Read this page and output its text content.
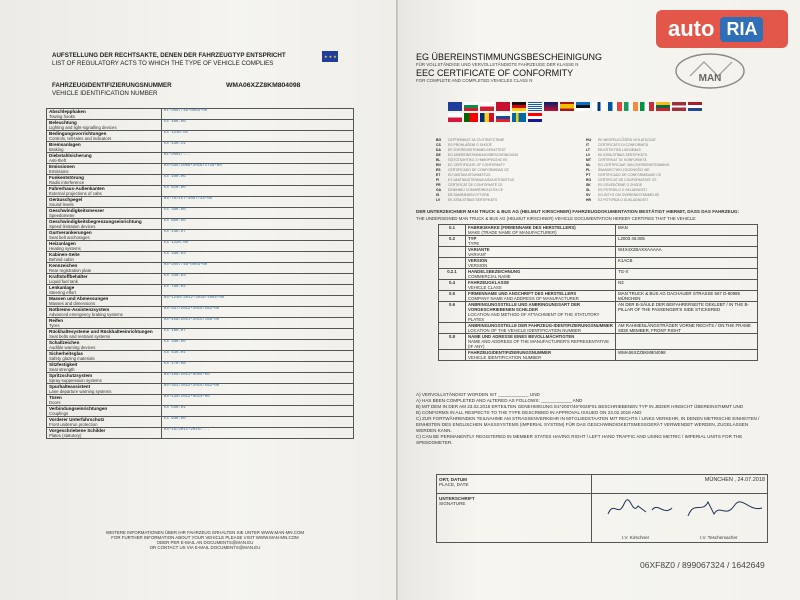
★★★
AUFSTELLUNG DER RECHTSAKTE, DENEN DER FAHRZEUGTYP ENTSPRICHT
LIST OF REGULATORY ACTS TO WHICH THE TYPE OF VEHICLE COMPLIES
FAHRZEUGIDENTIFIZIERUNGSNUMMER
VEHICLE IDENTIFICATION NUMBER
WMA06XZZ8KM804098
Abschlepphaken
Towing hooks	e1*2007/46*0003*00

Beleuchtung
Lighting and light-signalling devices	E4 48R-06

Bedingungsvorrichtungen
Controls, tell-tales and indicators	E4 121R-01

Bremsanlagen
Braking	E4 13R-11

Diebstahlsicherung
Anti-theft	e1*2001/...

Emissionen
Emissions	e4*595/2009*2016/1718*00

Funkentstörung
Radio interference	E4 10R-05

Fahrerhaus-Außenkanten
External projections of cabs	E4 61R-00

Geräuschpegel
Sound levels	e4*70/157*2007/34*00

Geschwindigkeitsmesser
Speedometer	E4 39R-00

Geschwindigkeitsbegrenzungseinrichtung
Speed limitation devices	E4 89R-00

Gurtverankerungen
Seat belt anchorages	E4 14R-07

Heizanlagen
Heating systems	E4 122R-00

Kabinen-Seite
Behind cabin	E4 29R-03

Kennzeichen
Rear registration plate	e4*2007/46*0003*00

Kraftstoffbehälter
Liquid fuel tank	E4 34R-03

Lenkanlage
Steering effort	E4 79R-02

Massen und Abmessungen
Masses and dimensions	e4*1230/2012*2016/1004*00

Notbrems-Assistenzsystem
Advanced emergency braking systems	e4*347/2012*2015/562*00

Reifen
Tyres	e4*458/2011*2015/166*00

Rückhaltesysteme und Rückhalteeinrichtungen
Seat belts and restraint systems	E4 16R-07

Schallzeichen
Audible warning devices	E4 28R-00

Sicherheitsglas
Safety glazing materials	E4 43R-01

Sitzfestigkeit
Seat strength	E4 17R-08

Spritzschutzsystem
Spray-suppression systems	e4*109/2011*0005*00

Spurhalteassistent
Lane departure warning systems	e4*351/2012*2015/562*00

Türen
Doors	e4*130/2012*0014*00

Verbindungseinrichtungen
Couplings	E4 55R-01

Vorderer Unterfahrschutz
Front underrun protection	E4 93R-00

Vorgeschriebene Schilder
Plates (statutory)	e4*19/2011*2015/...
WEITERE INFORMATIONEN ÜBER IHR FAHRZEUG ERHALTEN SIE UNTER WWW.MAN-MN.COM
FOR FURTHER INFORMATION ABOUT YOUR VEHICLE PLEASE VISIT WWW.MAN-MN.COM
ODER PER E-MAIL AN DOCUMENTS@MAN.EU
OR CONTACT US VIA E-MAIL DOCUMENTS@MAN.EU
EG ÜBEREINSTIMMUNGSBESCHEINIGUNG
FÜR VOLLSTÄNDIGE UND VERVOLLSTÄNDIGTE FAHRZEUGE DER KLASSE N
EEC CERTIFICATE OF CONFORMITY
FOR COMPLETE AND COMPLETED VEHICLES CLASS N	MAN
BG	СЕРТИФИКАТ ЗА СЪОТВЕТСТВИЕ	HU	EK MEGFELELŐSÉGI NYILATKOZAT
CS	ES PROHLÁŠENÍ O SHODĚ	IT	CERTIFICATO DI CONFORMITÀ
DA	EF-OVERENSSTEMMELSESATTEST	LT	EB ATITIKTIES LIUDIJIMAS
DE	EG-ÜBEREINSTIMMUNGSBESCHEINIGUNG	LV	EK ATBILSTĪBAS SERTIFIKĀTS
EL	ΠΙΣΤΟΠΟΙΗΤΙΚΟ ΣΥΜΜΟΡΦΩΣΗΣ ΕΚ	MT	ĊERTIFIKAT TA' KONFORMITÀ
EN	EC CERTIFICATE OF CONFORMITY	NL	EG-CERTIFICAAT VAN OVEREENSTEMMING
ES	CERTIFICADO DE CONFORMIDAD CE	PL	ŚWIADECTWO ZGODNOŚCI WE
ET	EÜ VASTAVUSTUNNISTUS	PT	CERTIFICADO DE CONFORMIDADE CE
FI	EY-VAATIMUSTENMUKAISUUSTODISTUS	RO	CERTIFICAT DE CONFORMITATE CE
FR	CERTIFICAT DE CONFORMITÉ CE	SK	ES OSVEDČENIE O ZHODE
GA	DEIMHNIÚ COMHRÉIREACHTA CE	SL	ES POTRDILO O SKLADNOSTI
IS	EB SAMRÆMISVOTTORÐ	SV	EG-INTYG OM ÖVERENSSTÄMMELSE
LV	EK ATBILSTĪBAS SERTIFIKĀTS	HR	EZ POTVRDA O SUKLADNOSTI
DER UNTERZEICHNER MAN TRUCK & BUS AG (HELMUT KIRSCHNER) FAHRZEUGDOKUMENTATION BESTÄTIGT HIERMIT, DASS DAS FAHRZEUG:
THE UNDERSIGNED MAN TRUCK & BUS AG (HELMUT KIRSCHNER) VEHICLE DOCUMENTATION HEREBY CERTIFIES THAT THE VEHICLE:
0.1	FABRIKMARKE (FIRMENNAME DES HERSTELLERS)
MAKE (TRADE NAME OF MANUFACTURER)	MAN
0.2	TYP
TYPE	L2003 46.005

	VARIANTE
VARIANT	W4X4X2BAXXAAAAA

	VERSION
VERSION	K1ACB
0.2.1	HANDELSBEZEICHNUNG
COMMERCIAL NAME	TG-X
0.4	FAHRZEUGKLASSE
VEHICLE CLASS	N3
0.5	FIRMENNAME UND ANSCHRIFT DES HERSTELLERS
COMPANY NAME AND ADDRESS OF MANUFACTURER	MAN TRUCK & BUS AG DACHAUER STRASSE 667 D-80995 MÜNCHEN
0.6	ANBRINGUNGSSTELLE UND ANBRINGUNGSART DER VORGESCHRIEBENEN SCHILDER
LOCATION AND METHOD OF ATTACHMENT OF THE STATUTORY PLATES	AN DER B-SÄULE DER BEIFAHRERSEITE GEKLEBT / IN THE B-PILLAR OF THE PASSENGER'S SIDE STICKERED

	ANBRINGUNGSSTELLE DER FAHRZEUG-IDENTIFIZIERUNGSNUMMER
LOCATION OF THE VEHICLE IDENTIFICATION NUMBER	AM RAHMENLÄNGSTRÄGER VORNE RECHTS / ON THE FRAME SIDE MEMBER, FRONT RIGHT
0.8	NAME UND ADRESSE EINES BEVOLLMÄCHTIGTEN
NAME AND ADDRESS OF THE MANUFACTURER'S REPRESENTATIVE (IF ANY)	

	FAHRZEUGIDENTIFIZIERUNGSNUMMER
VEHICLE IDENTIFICATION NUMBER	WMA06XZZ8KM804098
A) VERVOLLSTÄNDIGT WORDEN IST ____________ UND
A) HAS BEEN COMPLETED AND ALTERED AS FOLLOWS: ____________ AND
B) MIT DEM IN DER AM 23.02.2018 ERTEILTEN GENEHMIGUNG E4*2007/46*0028*01 BESCHRIEBENEN TYP IN JEDER HINSICHT ÜBEREINSTIMMT UND
B) CONFORMS IN ALL RESPECTS TO THE TYPE DESCRIBED IN APPROVAL ISSUED ON 23.02.2018 AND
C) ZUR FORTWÄHRENDEN TEILNAHME AM STRASSENVERKEHR IN MITGLIEDSTAATEN MIT RECHTS / LINKS VERKEHR, IN DENEN METRISCHE EINHEITEN / EINHEITEN DES ENGLISCHEN MASSSYSTEMS (IMPERIAL SYSTEM) FÜR DAS GESCHWINDIGKEITSMESSGERÄT VERWENDET WERDEN, ZUGELASSEN WERDEN KANN.
C) CAN BE PERMANENTLY REGISTERED IN MEMBER STATES HAVING RIGHT / LEFT HAND TRAFFIC AND USING METRIC / IMPERIAL UNITS FOR THE SPEEDOMETER.
ORT, DATUM
PLACE, DATE	MÜNCHEN , 24.07.2018
UNTERSCHRIFT
SIGNATURE	I.V. Kirschner I.V. Teschemacher
06XF8Z0 / 899067324 / 1642649
auto RIA
